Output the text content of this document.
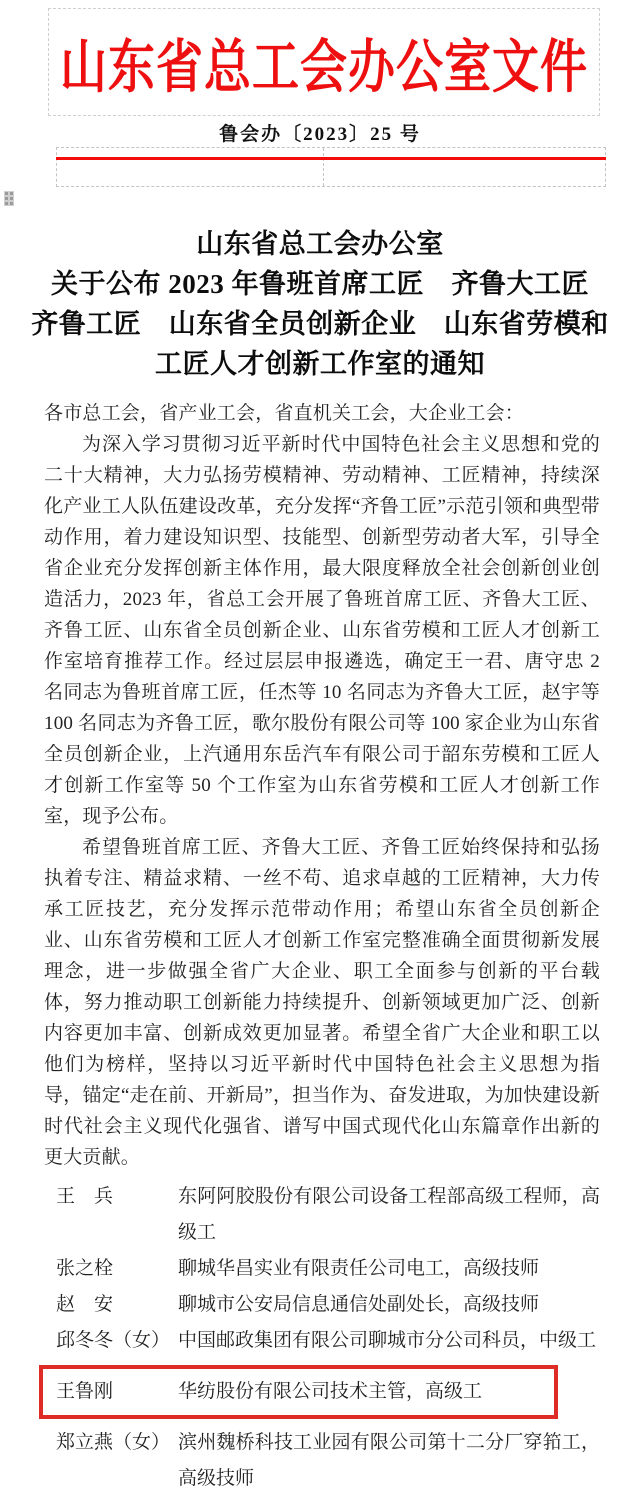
山东省总工会办公室文件
鲁会办〔2023〕25 号
山东省总工会办公室
关于公布 2023 年鲁班首席工匠　齐鲁大工匠
齐鲁工匠　山东省全员创新企业　山东省劳模和
工匠人才创新工作室的通知

各市总工会，省产业工会，省直机关工会，大企业工会：

为深入学习贯彻习近平新时代中国特色社会主义思想和党的二十大精神，大力弘扬劳模精神、劳动精神、工匠精神，持续深化产业工人队伍建设改革，充分发挥“齐鲁工匠”示范引领和典型带动作用，着力建设知识型、技能型、创新型劳动者大军，引导全省企业充分发挥创新主体作用，最大限度释放全社会创新创业创造活力，2023 年，省总工会开展了鲁班首席工匠、齐鲁大工匠、齐鲁工匠、山东省全员创新企业、山东省劳模和工匠人才创新工作室培育推荐工作。经过层层申报遴选，确定王一君、唐守忠 2 名同志为鲁班首席工匠，任杰等 10 名同志为齐鲁大工匠，赵宇等 100 名同志为齐鲁工匠，歌尔股份有限公司等 100 家企业为山东省全员创新企业，上汽通用东岳汽车有限公司于韶东劳模和工匠人才创新工作室等 50 个工作室为山东省劳模和工匠人才创新工作室，现予公布。

希望鲁班首席工匠、齐鲁大工匠、齐鲁工匠始终保持和弘扬执着专注、精益求精、一丝不苟、追求卓越的工匠精神，大力传承工匠技艺，充分发挥示范带动作用；希望山东省全员创新企业、山东省劳模和工匠人才创新工作室完整准确全面贯彻新发展理念，进一步做强全省广大企业、职工全面参与创新的平台载体，努力推动职工创新能力持续提升、创新领域更加广泛、创新内容更加丰富、创新成效更加显著。希望全省广大企业和职工以他们为榜样，坚持以习近平新时代中国特色社会主义思想为指导，锚定“走在前、开新局”，担当作为、奋发进取，为加快建设新时代社会主义现代化强省、谱写中国式现代化山东篇章作出新的更大贡献。

王　兵	东阿阿胶股份有限公司设备工程部高级工程师，高级工
张之栓	聊城华昌实业有限责任公司电工，高级技师
赵　安	聊城市公安局信息通信处副处长，高级技师
邱冬冬（女） 中国邮政集团有限公司聊城市分公司科员，中级工
王鲁刚	华纺股份有限公司技术主管，高级工
郑立燕（女） 滨州魏桥科技工业园有限公司第十二分厂穿筘工，高级技师
